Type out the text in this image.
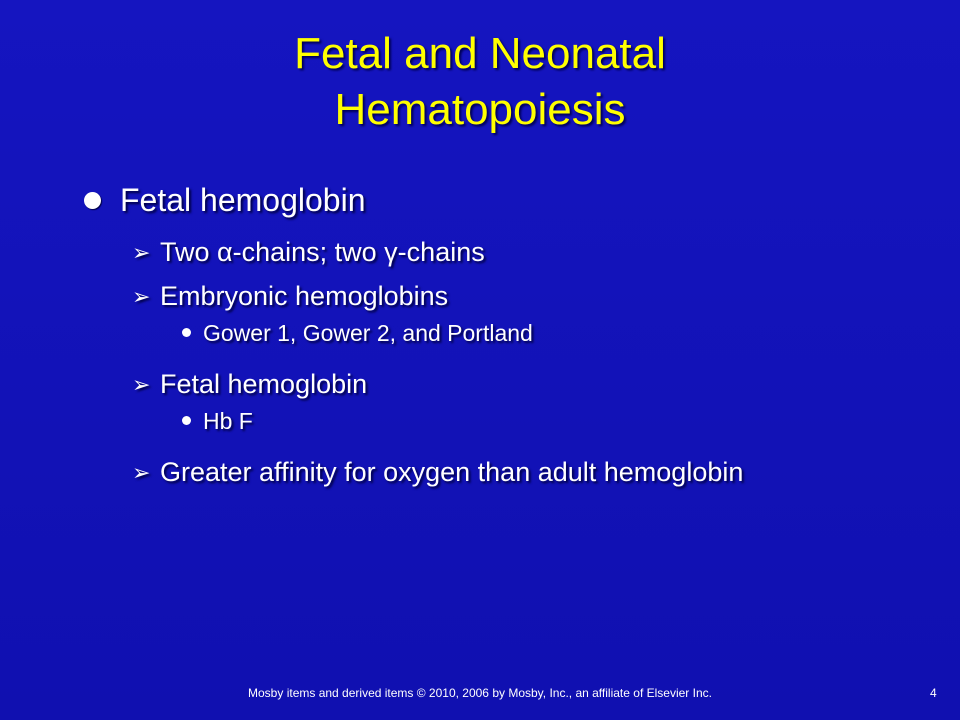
Fetal and Neonatal
Hematopoiesis
Fetal hemoglobin
➢ Two α-chains; two γ-chains
➢ Embryonic hemoglobins
Gower 1, Gower 2, and Portland
➢ Fetal hemoglobin
Hb F
➢ Greater affinity for oxygen than adult hemoglobin
Mosby items and derived items © 2010, 2006 by Mosby, Inc., an affiliate of Elsevier Inc.	4
